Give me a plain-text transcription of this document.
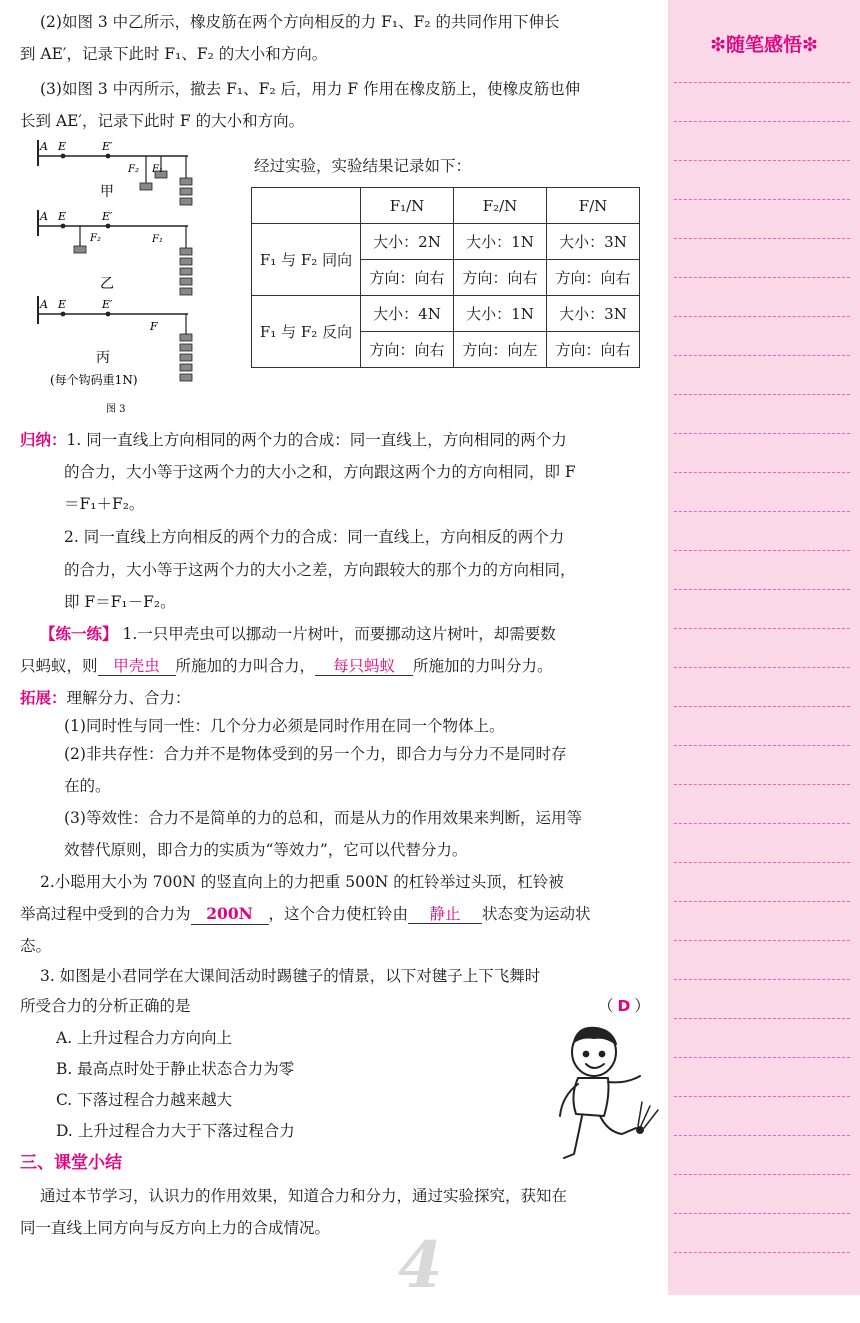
❇随笔感悟❇
(2)如图 3 中乙所示，橡皮筋在两个方向相反的力 F₁、F₂ 的共同作用下伸长
到 AE′，记录下此时 F₁、F₂ 的大小和方向。
(3)如图 3 中丙所示，撤去 F₁、F₂ 后，用力 F 作用在橡皮筋上，使橡皮筋也伸
长到 AE′，记录下此时 F 的大小和方向。
A E	E′
F₂ F₁
甲
A E	E′
F₂	F₁
乙
A E	E′
F
丙
(每个钩码重1N)
图 3
经过实验，实验结果记录如下：
	F₁/N	F₂/N	F/N
F₁ 与 F₂ 同向	大小：2N	大小：1N	大小：3N
	方向：向右	方向：向右	方向：向右
F₁ 与 F₂ 反向	大小：4N	大小：1N	大小：3N
	方向：向右	方向：向左	方向：向右
归纳：1. 同一直线上方向相同的两个力的合成：同一直线上，方向相同的两个力
的合力，大小等于这两个力的大小之和，方向跟这两个力的方向相同，即 F
＝F₁＋F₂。
2. 同一直线上方向相反的两个力的合成：同一直线上，方向相反的两个力
的合力，大小等于这两个力的大小之差，方向跟较大的那个力的方向相同，
即 F＝F₁－F₂。
【练一练】 1.一只甲壳虫可以挪动一片树叶，而要挪动这片树叶，却需要数
只蚂蚁，则 甲壳虫 所施加的力叫合力， 每只蚂蚁 所施加的力叫分力。
拓展：理解分力、合力：
(1)同时性与同一性：几个分力必须是同时作用在同一个物体上。
(2)非共存性：合力并不是物体受到的另一个力，即合力与分力不是同时存
在的。
(3)等效性：合力不是简单的力的总和，而是从力的作用效果来判断，运用等
效替代原则，即合力的实质为“等效力”，它可以代替分力。
2.小聪用大小为 700N 的竖直向上的力把重 500N 的杠铃举过头顶，杠铃被
举高过程中受到的合力为 200N ，这个合力使杠铃由 静止 状态变为运动状
态。
3. 如图是小君同学在大课间活动时踢毽子的情景，以下对毽子上下飞舞时
所受合力的分析正确的是	（ D ）
A. 上升过程合力方向向上
B. 最高点时处于静止状态合力为零
C. 下落过程合力越来越大
D. 上升过程合力大于下落过程合力
三、课堂小结
通过本节学习，认识力的作用效果，知道合力和分力，通过实验探究，获知在
同一直线上同方向与反方向上力的合成情况。 4
